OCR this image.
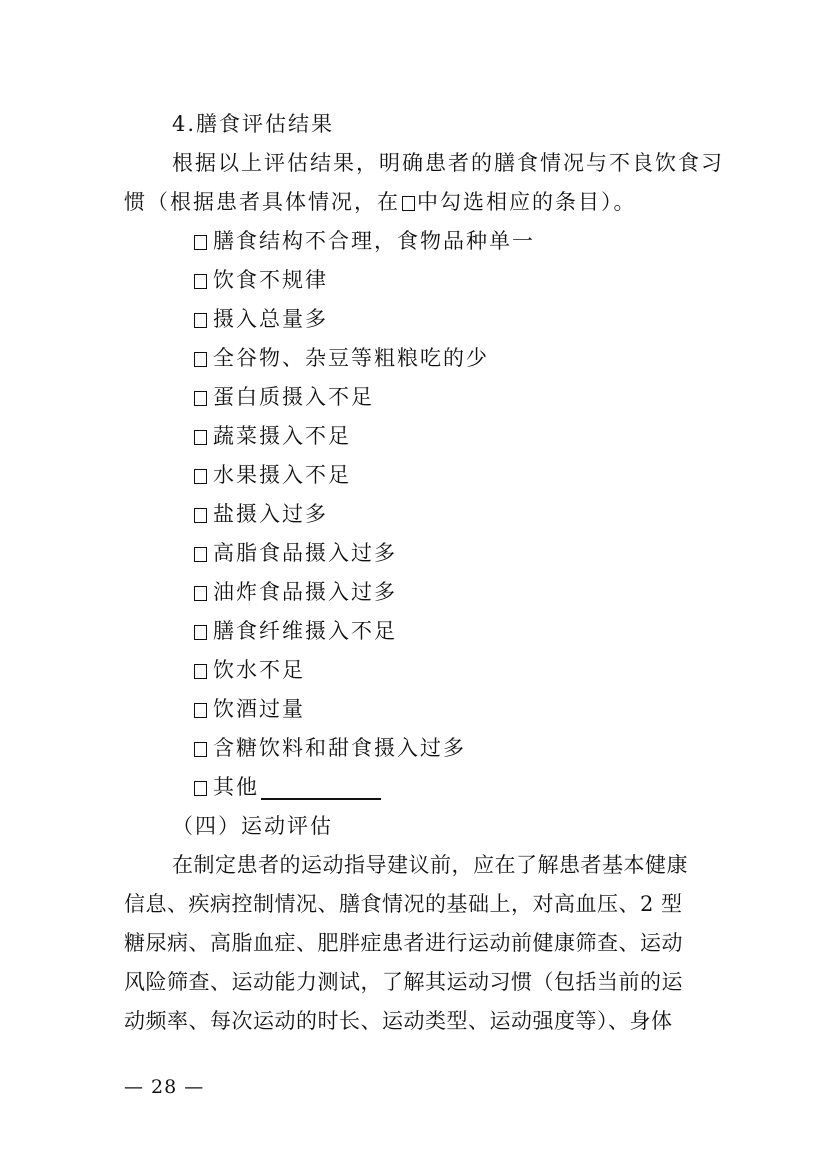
4.膳食评估结果
根据以上评估结果，明确患者的膳食情况与不良饮食习
惯（根据患者具体情况，在 中勾选相应的条目）。
膳食结构不合理，食物品种单一
饮食不规律
摄入总量多
全谷物、杂豆等粗粮吃的少
蛋白质摄入不足
蔬菜摄入不足
水果摄入不足
盐摄入过多
高脂食品摄入过多
油炸食品摄入过多
膳食纤维摄入不足
饮水不足
饮酒过量
含糖饮料和甜食摄入过多
其他
（四）运动评估
在制定患者的运动指导建议前，应在了解患者基本健康
信息、疾病控制情况、膳食情况的基础上，对高血压、2 型
糖尿病、高脂血症、肥胖症患者进行运动前健康筛查、运动
风险筛查、运动能力测试，了解其运动习惯（包括当前的运
动频率、每次运动的时长、运动类型、运动强度等）、身体
— 28 —
